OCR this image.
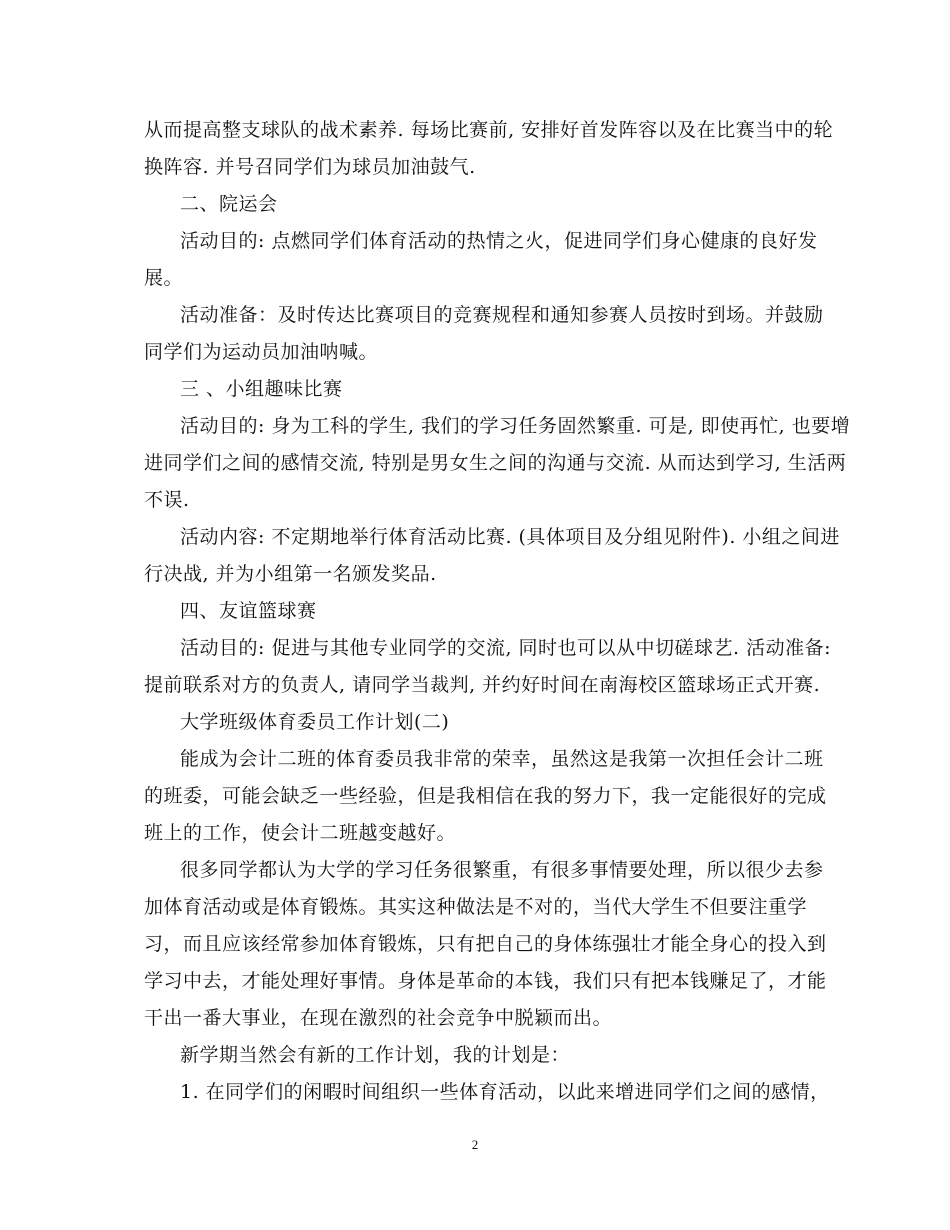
从而提高整支球队的战术素养. 每场比赛前, 安排好首发阵容以及在比赛当中的轮
换阵容. 并号召同学们为球员加油鼓气.
二、院运会
活动目的: 点燃同学们体育活动的热情之火，促进同学们身心健康的良好发
展。
活动准备：及时传达比赛项目的竞赛规程和通知参赛人员按时到场。并鼓励
同学们为运动员加油呐喊。
三 、小组趣味比赛
活动目的: 身为工科的学生, 我们的学习任务固然繁重. 可是, 即使再忙, 也要增
进同学们之间的感情交流, 特别是男女生之间的沟通与交流. 从而达到学习, 生活两
不误.
活动内容: 不定期地举行体育活动比赛. (具体项目及分组见附件). 小组之间进
行决战, 并为小组第一名颁发奖品.
四、友谊篮球赛
活动目的: 促进与其他专业同学的交流, 同时也可以从中切磋球艺. 活动准备:
提前联系对方的负责人, 请同学当裁判, 并约好时间在南海校区篮球场正式开赛.
大学班级体育委员工作计划(二)
能成为会计二班的体育委员我非常的荣幸，虽然这是我第一次担任会计二班
的班委，可能会缺乏一些经验，但是我相信在我的努力下，我一定能很好的完成
班上的工作，使会计二班越变越好。
很多同学都认为大学的学习任务很繁重，有很多事情要处理，所以很少去参
加体育活动或是体育锻炼。其实这种做法是不对的，当代大学生不但要注重学
习，而且应该经常参加体育锻炼，只有把自己的身体练强壮才能全身心的投入到
学习中去，才能处理好事情。身体是革命的本钱，我们只有把本钱赚足了，才能
干出一番大事业，在现在激烈的社会竞争中脱颖而出。
新学期当然会有新的工作计划，我的计划是：
1. 在同学们的闲暇时间组织一些体育活动，以此来增进同学们之间的感情，
2
